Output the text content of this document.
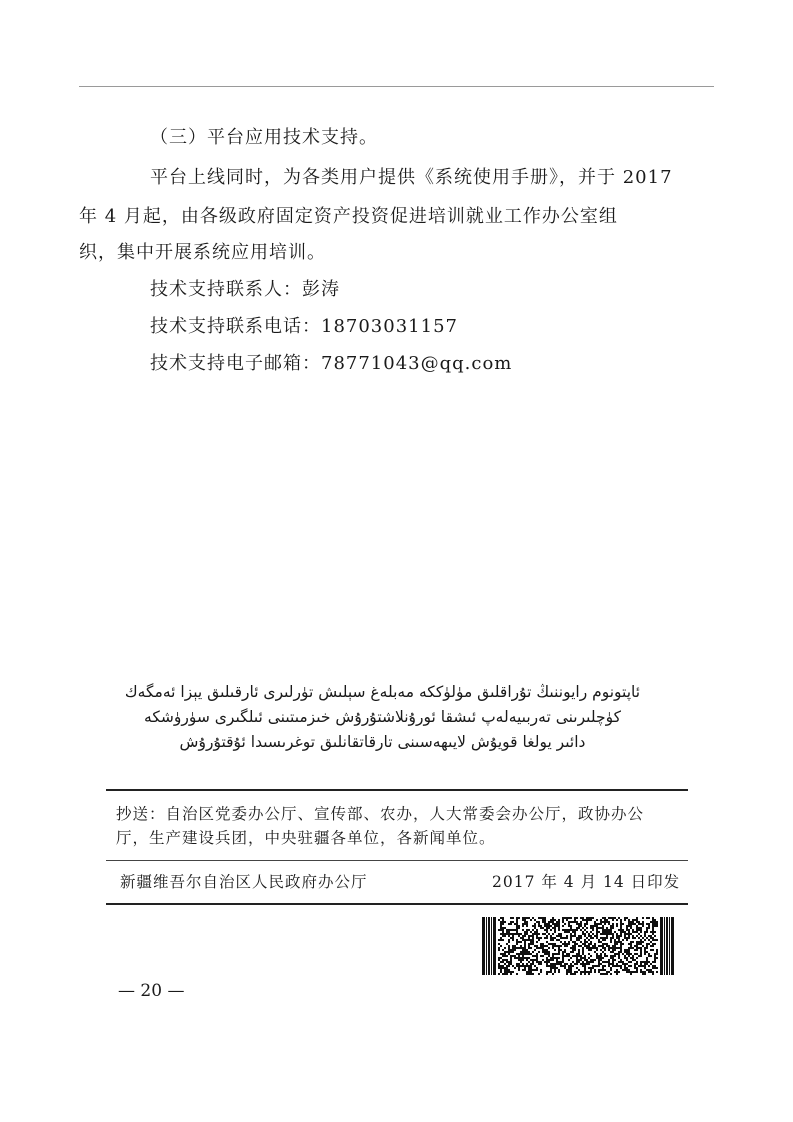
（三）平台应用技术支持。
平台上线同时，为各类用户提供《系统使用手册》，并于 2017
年 4 月起，由各级政府固定资产投资促进培训就业工作办公室组
织，集中开展系统应用培训。
技术支持联系人：彭涛
技术支持联系电话：18703031157
技术支持电子邮箱：78771043@qq.com
ئاپتونوم رايوننىڭ تۇراقلىق مۈلۈككە مەبلەغ سېلىش تۈرلىرى ئارقىلىق يېزا ئەمگەك
كۈچلىرىنى تەربىيەلەپ ئىشقا ئورۇنلاشتۇرۇش خىزمىتىنى ئىلگىرى سۈرۈشكە
دائىر يولغا قويۇش لايىھەسىنى تارقاتقانلىق توغرىسىدا ئۇقتۇرۇش
抄送：自治区党委办公厅、宣传部、农办，人大常委会办公厅，政协办公
厅，生产建设兵团，中央驻疆各单位，各新闻单位。
新疆维吾尔自治区人民政府办公厅	2017 年 4 月 14 日印发
— 20 —
